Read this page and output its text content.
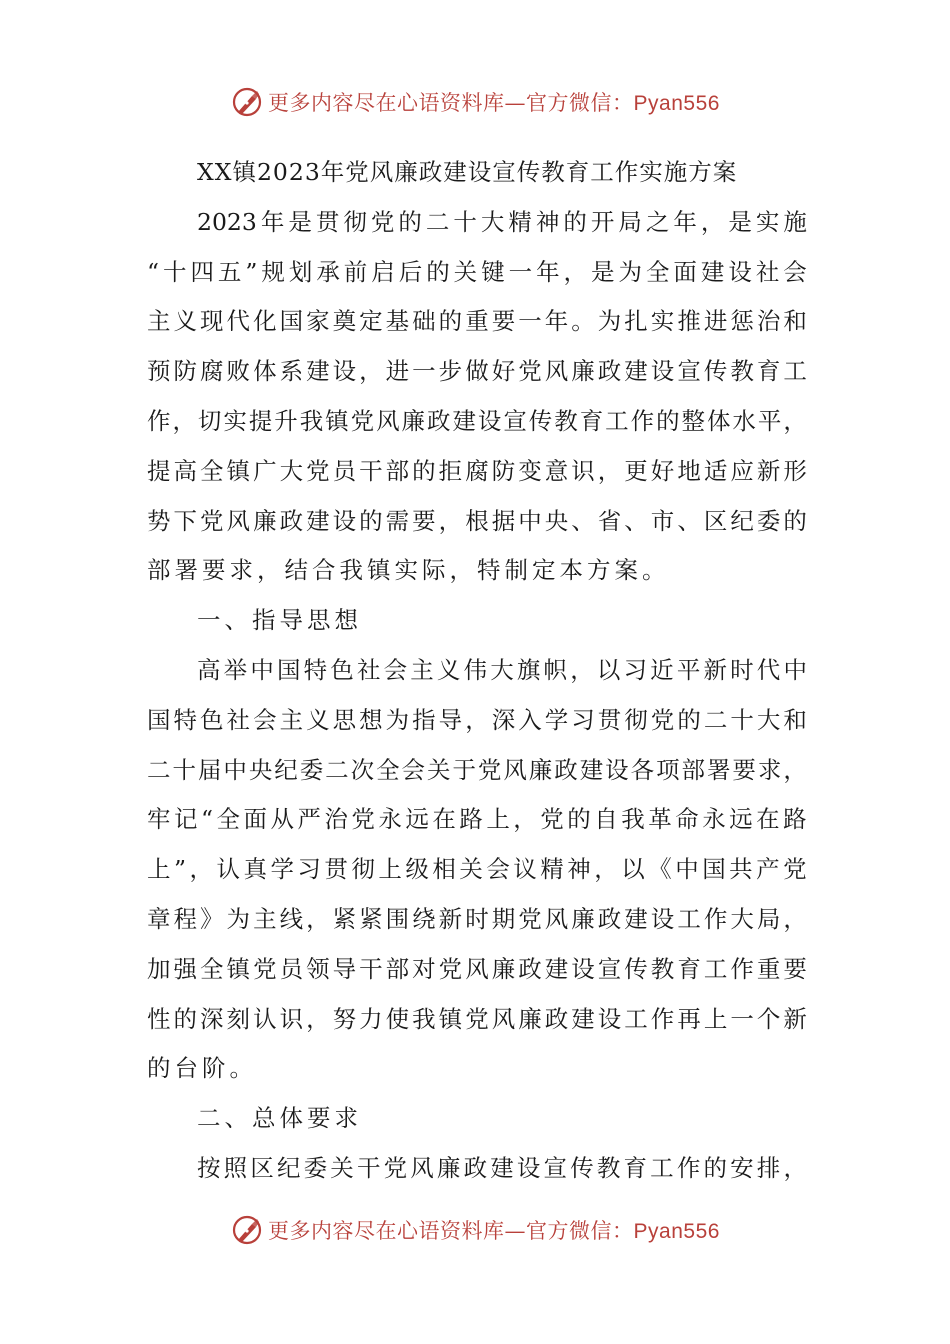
更多内容尽在心语资料库—官方微信：Pyan556
XX镇2023年党风廉政建设宣传教育工作实施方案
2023 年 是 贯 彻 党 的 二 十 大 精 神 的 开 局 之 年 ， 是 实 施
“ 十 四 五 ” 规 划 承 前 启 后 的 关 键 一 年 ， 是 为 全 面 建 设 社 会
主 义 现 代 化 国 家 奠 定 基 础 的 重 要 一 年 。 为 扎 实 推 进 惩 治 和
预 防 腐 败 体 系 建 设 ， 进 一 步 做 好 党 风 廉 政 建 设 宣 传 教 育 工
作 ， 切 实 提 升 我 镇 党 风 廉 政 建 设 宣 传 教 育 工 作 的 整 体 水 平 ，
提 高 全 镇 广 大 党 员 干 部 的 拒 腐 防 变 意 识 ， 更 好 地 适 应 新 形
势 下 党 风 廉 政 建 设 的 需 要 ， 根 据 中 央 、 省 、 市 、 区 纪 委 的
部署要求，结合我镇实际，特制定本方案。
一、指导思想
高 举 中 国 特 色 社 会 主 义 伟 大 旗 帜 ， 以 习 近 平 新 时 代 中
国 特 色 社 会 主 义 思 想 为 指 导 ， 深 入 学 习 贯 彻 党 的 二 十 大 和
二 十 届 中 央 纪 委 二 次 全 会 关 于 党 风 廉 政 建 设 各 项 部 署 要 求 ，
牢 记 “ 全 面 从 严 治 党 永 远 在 路 上 ， 党 的 自 我 革 命 永 远 在 路
上 ” ， 认 真 学 习 贯 彻 上 级 相 关 会 议 精 神 ， 以 《 中 国 共 产 党
章 程 》 为 主 线 ， 紧 紧 围 绕 新 时 期 党 风 廉 政 建 设 工 作 大 局 ，
加 强 全 镇 党 员 领 导 干 部 对 党 风 廉 政 建 设 宣 传 教 育 工 作 重 要
性 的 深 刻 认 识 ， 努 力 使 我 镇 党 风 廉 政 建 设 工 作 再 上 一 个 新
的台阶。
二、总体要求
按 照 区 纪 委 关 干 党 风 廉 政 建 设 宣 传 教 育 工 作 的 安 排 ，
更多内容尽在心语资料库—官方微信：Pyan556
